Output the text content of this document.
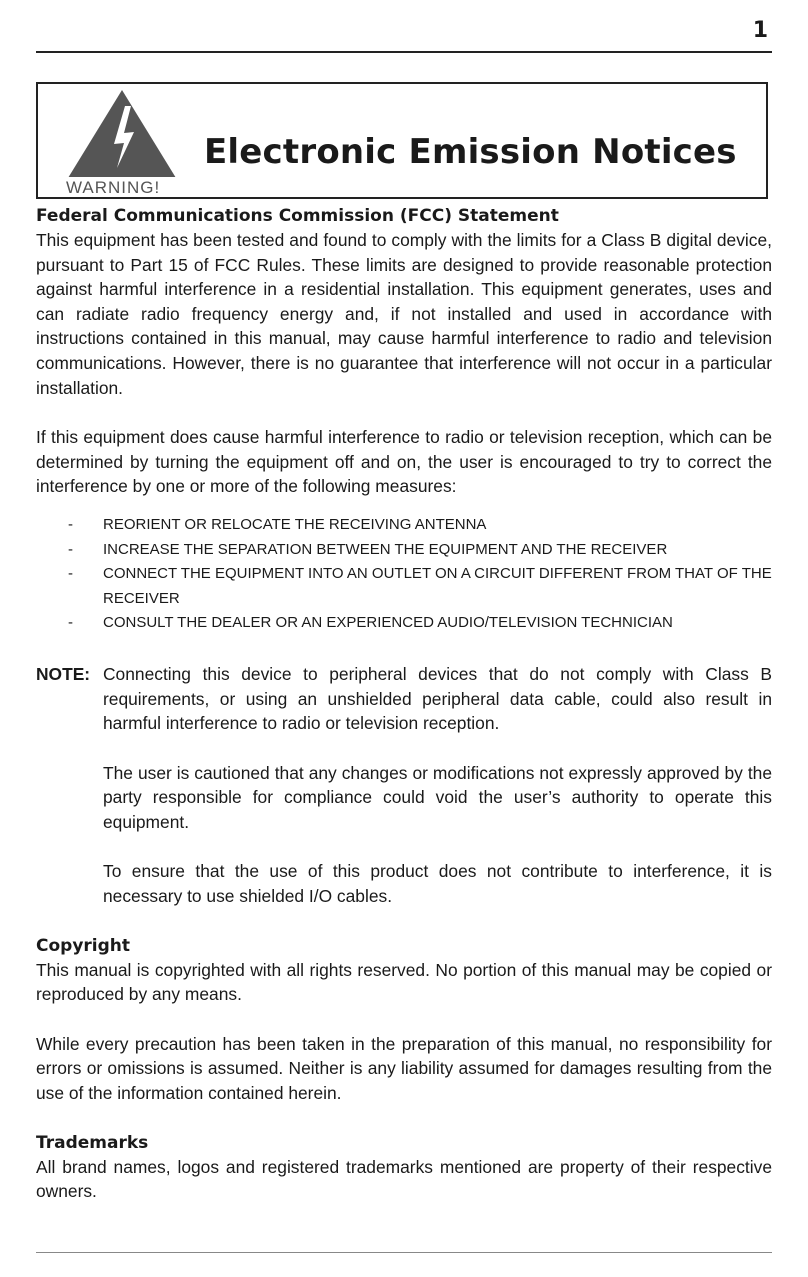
1
WARNING!
Electronic Emission Notices
Federal Communications Commission (FCC) Statement

This equipment has been tested and found to comply with the limits for a Class B digital device, pursuant to Part 15 of FCC Rules. These limits are designed to provide reasonable protection against harmful interference in a residential installation. This equipment generates, uses and can radiate radio frequency energy and, if not installed and used in accordance with instructions contained in this manual, may cause harmful interference to radio and television communications. However, there is no guarantee that interference will not occur in a particular installation.

If this equipment does cause harmful interference to radio or television reception, which can be determined by turning the equipment off and on, the user is encouraged to try to correct the interference by one or more of the following measures:

- REORIENT OR RELOCATE THE RECEIVING ANTENNA
- INCREASE THE SEPARATION BETWEEN THE EQUIPMENT AND THE RECEIVER
- CONNECT THE EQUIPMENT INTO AN OUTLET ON A CIRCUIT DIFFERENT FROM THAT OF THE RECEIVER
- CONSULT THE DEALER OR AN EXPERIENCED AUDIO/TELEVISION TECHNICIAN
NOTE: Connecting this device to peripheral devices that do not comply with Class B requirements, or using an unshielded peripheral data cable, could also result in harmful interference to radio or television reception.

The user is cautioned that any changes or modifications not expressly approved by the party responsible for compliance could void the user’s authority to operate this equipment.

To ensure that the use of this product does not contribute to interference, it is necessary to use shielded I/O cables.

Copyright

This manual is copyrighted with all rights reserved. No portion of this manual may be copied or reproduced by any means.

While every precaution has been taken in the preparation of this manual, no responsibility for errors or omissions is assumed. Neither is any liability assumed for damages resulting from the use of the information contained herein.

Trademarks

All brand names, logos and registered trademarks mentioned are property of their respective owners.
